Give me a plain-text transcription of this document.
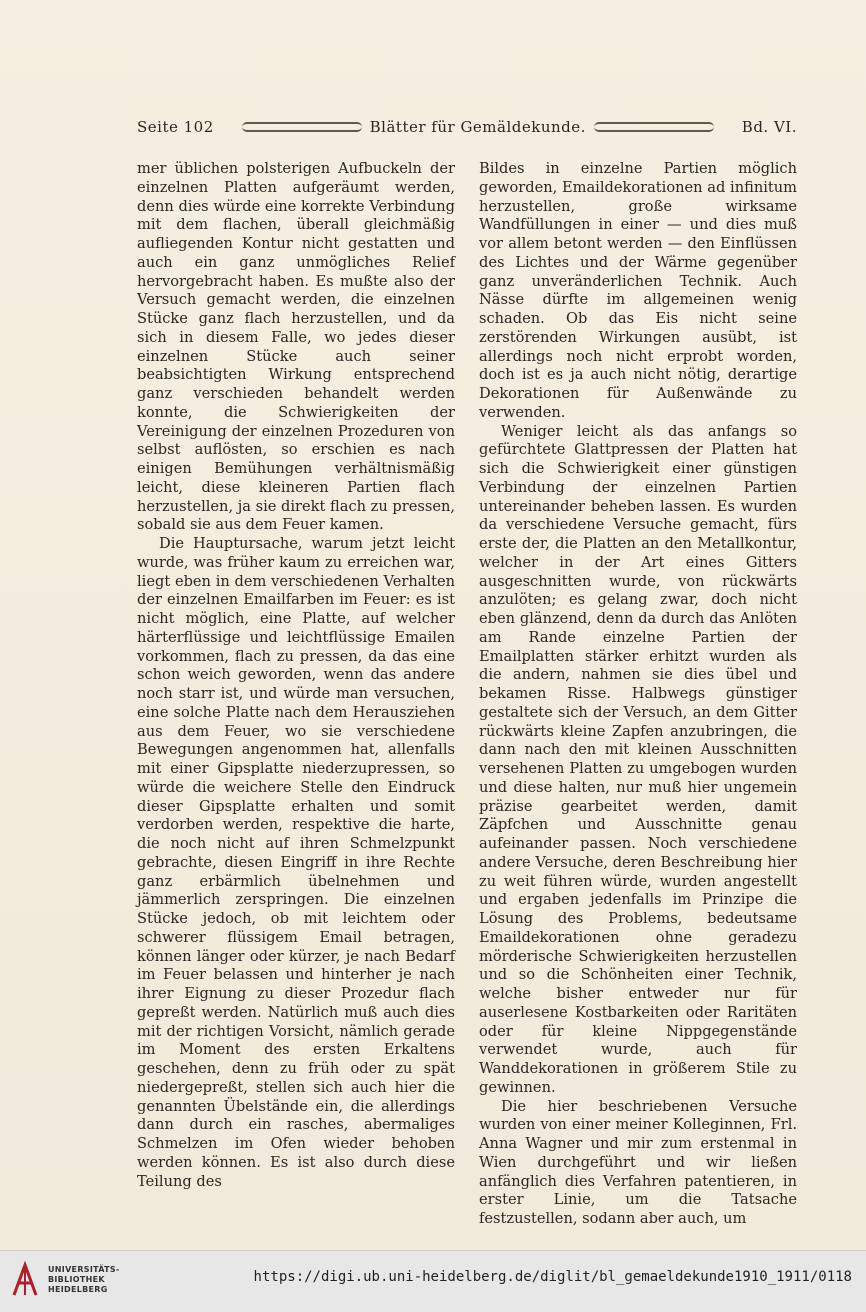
Seite 102	Blätter für Gemäldekunde.	Bd. VI.

mer üblichen polsterigen Aufbuckeln der einzelnen Platten aufgeräumt werden, denn dies würde eine korrekte Verbindung mit dem flachen, überall gleichmäßig aufliegenden Kontur nicht gestatten und auch ein ganz unmögliches Relief hervorgebracht haben. Es mußte also der Versuch gemacht werden, die einzelnen Stücke ganz flach herzustellen, und da sich in diesem Falle, wo jedes dieser einzelnen Stücke auch seiner beabsichtigten Wirkung entsprechend ganz verschieden behandelt werden konnte, die Schwierigkeiten der Vereinigung der einzelnen Prozeduren von selbst auflösten, so erschien es nach einigen Bemühungen verhältnismäßig leicht, diese kleineren Partien flach herzustellen, ja sie direkt flach zu pressen, sobald sie aus dem Feuer kamen.

Die Hauptursache, warum jetzt leicht wurde, was früher kaum zu erreichen war, liegt eben in dem verschiedenen Verhalten der einzelnen Emailfarben im Feuer: es ist nicht möglich, eine Platte, auf welcher härterflüssige und leichtflüssige Emailen vorkommen, flach zu pressen, da das eine schon weich geworden, wenn das andere noch starr ist, und würde man versuchen, eine solche Platte nach dem Herausziehen aus dem Feuer, wo sie verschiedene Bewegungen angenommen hat, allenfalls mit einer Gipsplatte niederzupressen, so würde die weichere Stelle den Eindruck dieser Gipsplatte erhalten und somit verdorben werden, respektive die harte, die noch nicht auf ihren Schmelzpunkt gebrachte, diesen Eingriff in ihre Rechte ganz erbärmlich übelnehmen und jämmerlich zerspringen. Die einzelnen Stücke jedoch, ob mit leichtem oder schwerer flüssigem Email betragen, können länger oder kürzer, je nach Bedarf im Feuer belassen und hinterher je nach ihrer Eignung zu dieser Prozedur flach gepreßt werden. Natürlich muß auch dies mit der richtigen Vorsicht, nämlich gerade im Moment des ersten Erkaltens geschehen, denn zu früh oder zu spät niedergepreßt, stellen sich auch hier die genannten Übelstände ein, die allerdings dann durch ein rasches, abermaliges Schmelzen im Ofen wieder behoben werden können. Es ist also durch diese Teilung des

Bildes in einzelne Partien möglich geworden, Emaildekorationen ad infinitum herzustellen, große wirksame Wandfüllungen in einer — und dies muß vor allem betont werden — den Einflüssen des Lichtes und der Wärme gegenüber ganz unveränderlichen Technik. Auch Nässe dürfte im allgemeinen wenig schaden. Ob das Eis nicht seine zerstörenden Wirkungen ausübt, ist allerdings noch nicht erprobt worden, doch ist es ja auch nicht nötig, derartige Dekorationen für Außenwände zu verwenden.

Weniger leicht als das anfangs so gefürchtete Glattpressen der Platten hat sich die Schwierigkeit einer günstigen Verbindung der einzelnen Partien untereinander beheben lassen. Es wurden da verschiedene Versuche gemacht, fürs erste der, die Platten an den Metallkontur, welcher in der Art eines Gitters ausgeschnitten wurde, von rückwärts anzulöten; es gelang zwar, doch nicht eben glänzend, denn da durch das Anlöten am Rande einzelne Partien der Emailplatten stärker erhitzt wurden als die andern, nahmen sie dies übel und bekamen Risse. Halbwegs günstiger gestaltete sich der Versuch, an dem Gitter rückwärts kleine Zapfen anzubringen, die dann nach den mit kleinen Ausschnitten versehenen Platten zu umgebogen wurden und diese halten, nur muß hier ungemein präzise gearbeitet werden, damit Zäpfchen und Ausschnitte genau aufeinander passen. Noch verschiedene andere Versuche, deren Beschreibung hier zu weit führen würde, wurden angestellt und ergaben jedenfalls im Prinzipe die Lösung des Problems, bedeutsame Emaildekorationen ohne geradezu mörderische Schwierigkeiten herzustellen und so die Schönheiten einer Technik, welche bisher entweder nur für auserlesene Kostbarkeiten oder Raritäten oder für kleine Nippgegenstände verwendet wurde, auch für Wanddekorationen in größerem Stile zu gewinnen.

Die hier beschriebenen Versuche wurden von einer meiner Kolleginnen, Frl. Anna Wagner und mir zum erstenmal in Wien durchgeführt und wir ließen anfänglich dies Verfahren patentieren, in erster Linie, um die Tatsache festzustellen, sodann aber auch, um

UNIVERSITÄTS-
BIBLIOTHEK
HEIDELBERG
https://digi.ub.uni-heidelberg.de/diglit/bl_gemaeldekunde1910_1911/0118
